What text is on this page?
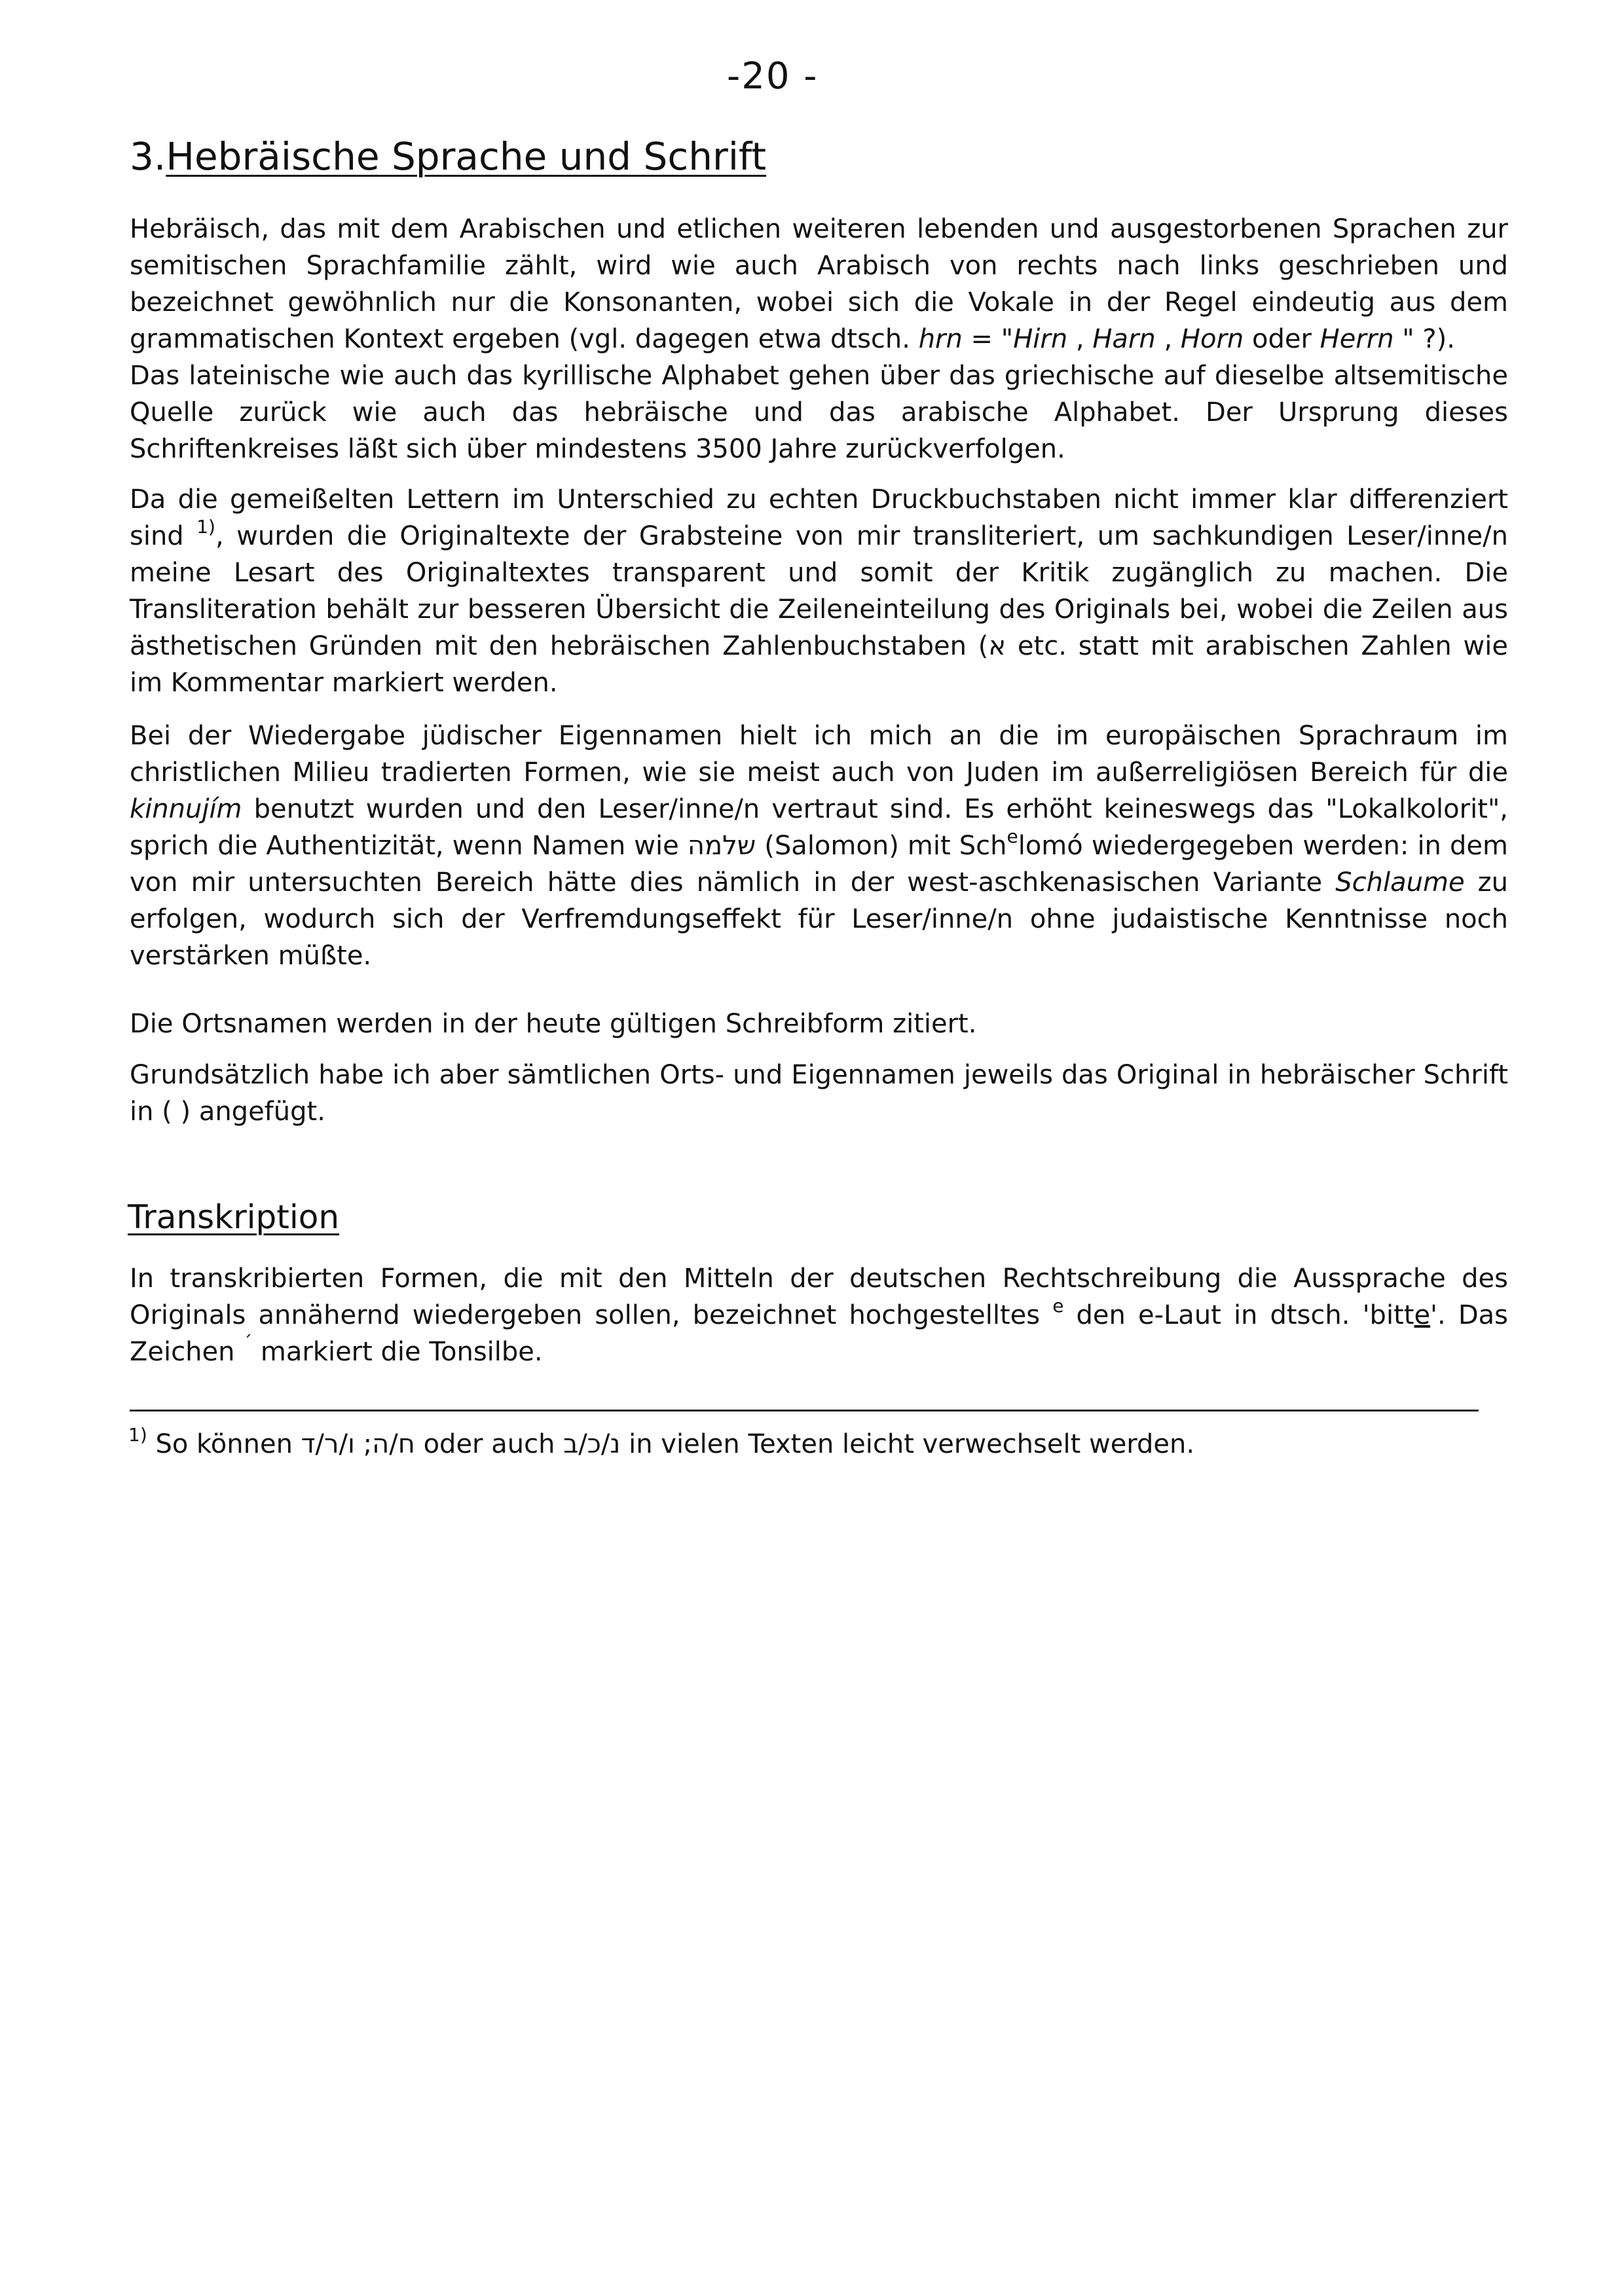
-20 -
3.Hebräische Sprache und Schrift

Hebräisch, das mit dem Arabischen und etlichen weiteren lebenden und ausgestorbenen Sprachen zur semitischen Sprachfamilie zählt, wird wie auch Arabisch von rechts nach links geschrieben und bezeichnet gewöhnlich nur die Konsonanten, wobei sich die Vokale in der Regel eindeutig aus dem grammatischen Kontext ergeben (vgl. dagegen etwa dtsch. hrn = "Hirn , Harn , Horn oder Herrn " ?).
Das lateinische wie auch das kyrillische Alphabet gehen über das griechische auf dieselbe altsemitische Quelle zurück wie auch das hebräische und das arabische Alphabet. Der Ursprung dieses Schriftenkreises läßt sich über mindestens 3500 Jahre zurückverfolgen.

Da die gemeißelten Lettern im Unterschied zu echten Druckbuchstaben nicht immer klar differenziert sind $^{1)}$, wurden die Originaltexte der Grabsteine von mir transliteriert, um sachkundigen Leser/inne/n meine Lesart des Originaltextes transparent und somit der Kritik zugänglich zu machen. Die Transliteration behält zur besseren Übersicht die Zeileneinteilung des Originals bei, wobei die Zeilen aus ästhetischen Gründen mit den hebräischen Zahlenbuchstaben (א etc. statt mit arabischen Zahlen wie im Kommentar markiert werden.

Bei der Wiedergabe jüdischer Eigennamen hielt ich mich an die im europäischen Sprachraum im christlichen Milieu tradierten Formen, wie sie meist auch von Juden im außerreligiösen Bereich für die kinnujím benutzt wurden und den Leser/inne/n vertraut sind. Es erhöht keineswegs das "Lokalkolorit", sprich die Authentizität, wenn Namen wie שלמה (Salomon) mit Sch$^e$lomó wiedergegeben werden: in dem von mir untersuchten Bereich hätte dies nämlich in der west-aschkenasischen Variante Schlaume zu erfolgen, wodurch sich der Verfremdungseffekt für Leser/inne/n ohne judaistische Kenntnisse noch verstärken müßte.

Die Ortsnamen werden in der heute gültigen Schreibform zitiert.

Grundsätzlich habe ich aber sämtlichen Orts- und Eigennamen jeweils das Original in hebräischer Schrift in ( ) angefügt.

Transkription

In transkribierten Formen, die mit den Mitteln der deutschen Rechtschreibung die Aussprache des Originals annähernd wiedergeben sollen, bezeichnet hochgestelltes $^e$ den e-Laut in dtsch. 'bitte'. Das Zeichen ´ markiert die Tonsilbe.

$^{1)}$ So können	ח/ה; ו/ר/ד oder auch נ/כ/ב in vielen Texten leicht verwechselt werden.
